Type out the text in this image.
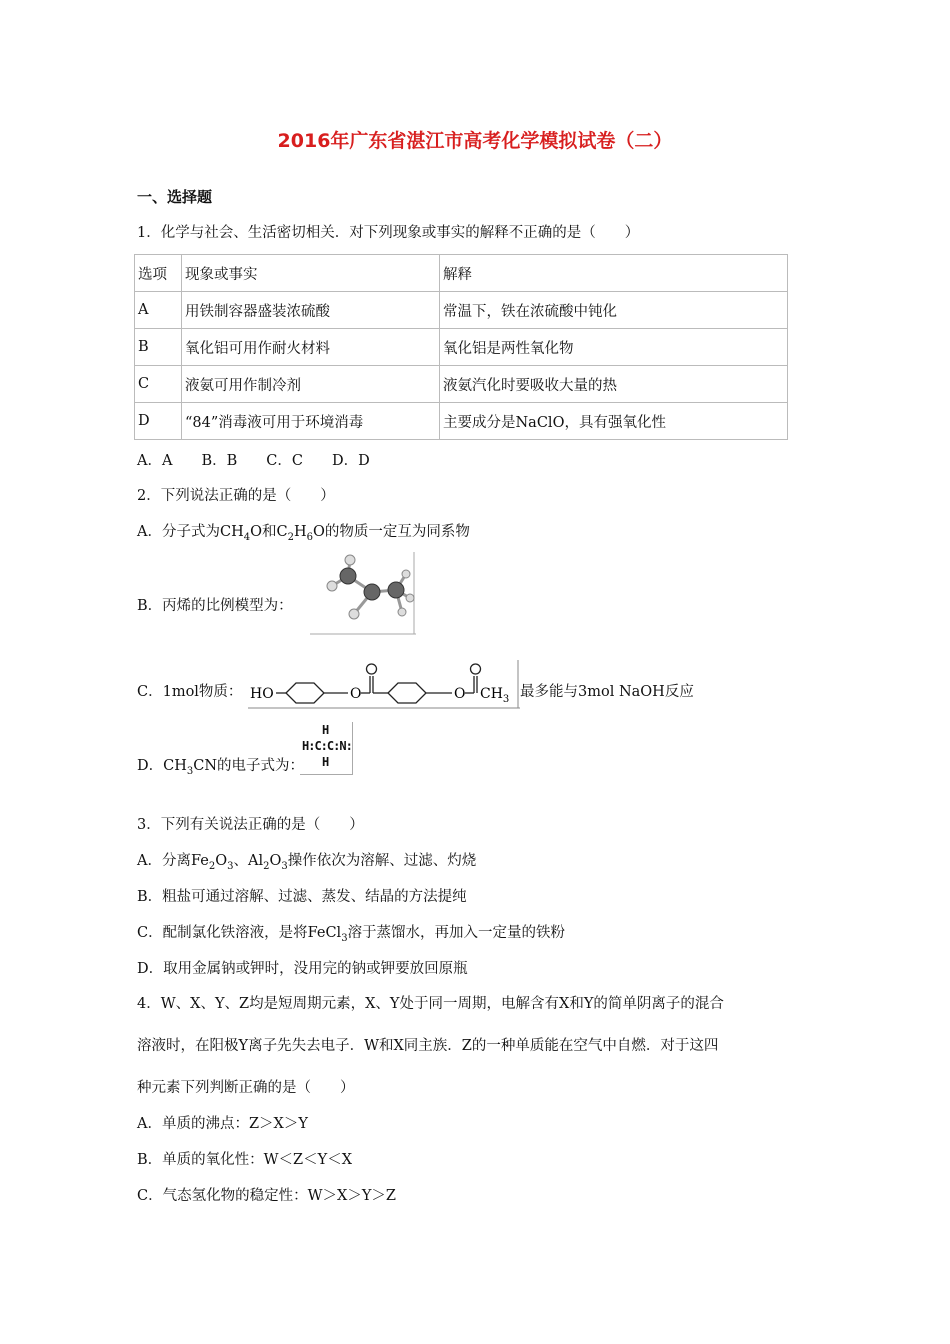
2016年广东省湛江市高考化学模拟试卷（二）
一、选择题
1．化学与社会、生活密切相关．对下列现象或事实的解释不正确的是（　　）
选项	现象或事实	解释
A	用铁制容器盛装浓硫酸	常温下，铁在浓硫酸中钝化
B	氧化铝可用作耐火材料	氧化铝是两性氧化物
C	液氨可用作制冷剂	液氨汽化时要吸收大量的热
D	“84”消毒液可用于环境消毒	主要成分是NaClO，具有强氧化性
A．A　　B．B　　C．C　　D．D
2．下列说法正确的是（　　）
A．分子式为$CH_4O$和$C_2H_6O$的物质一定互为同系物
B．丙烯的比例模型为：
C．1mol物质： HO	O	O $CH_3$ 最多能与3mol NaOH反应
D．$CH_3CN$的电子式为：
H
H:C:C:N:
H
3．下列有关说法正确的是（　　）
A．分离$Fe_2O_3$、$Al_2O_3$操作依次为溶解、过滤、灼烧
B．粗盐可通过溶解、过滤、蒸发、结晶的方法提纯
C．配制氯化铁溶液，是将FeCl$_3$溶于蒸馏水，再加入一定量的铁粉
D．取用金属钠或钾时，没用完的钠或钾要放回原瓶
4．W、X、Y、Z均是短周期元素，X、Y处于同一周期，电解含有X和Y的简单阴离子的混合
溶液时，在阳极Y离子先失去电子．W和X同主族．Z的一种单质能在空气中自燃．对于这四
种元素下列判断正确的是（　　）
A．单质的沸点：Z＞X＞Y
B．单质的氧化性：W＜Z＜Y＜X
C．气态氢化物的稳定性：W＞X＞Y＞Z
